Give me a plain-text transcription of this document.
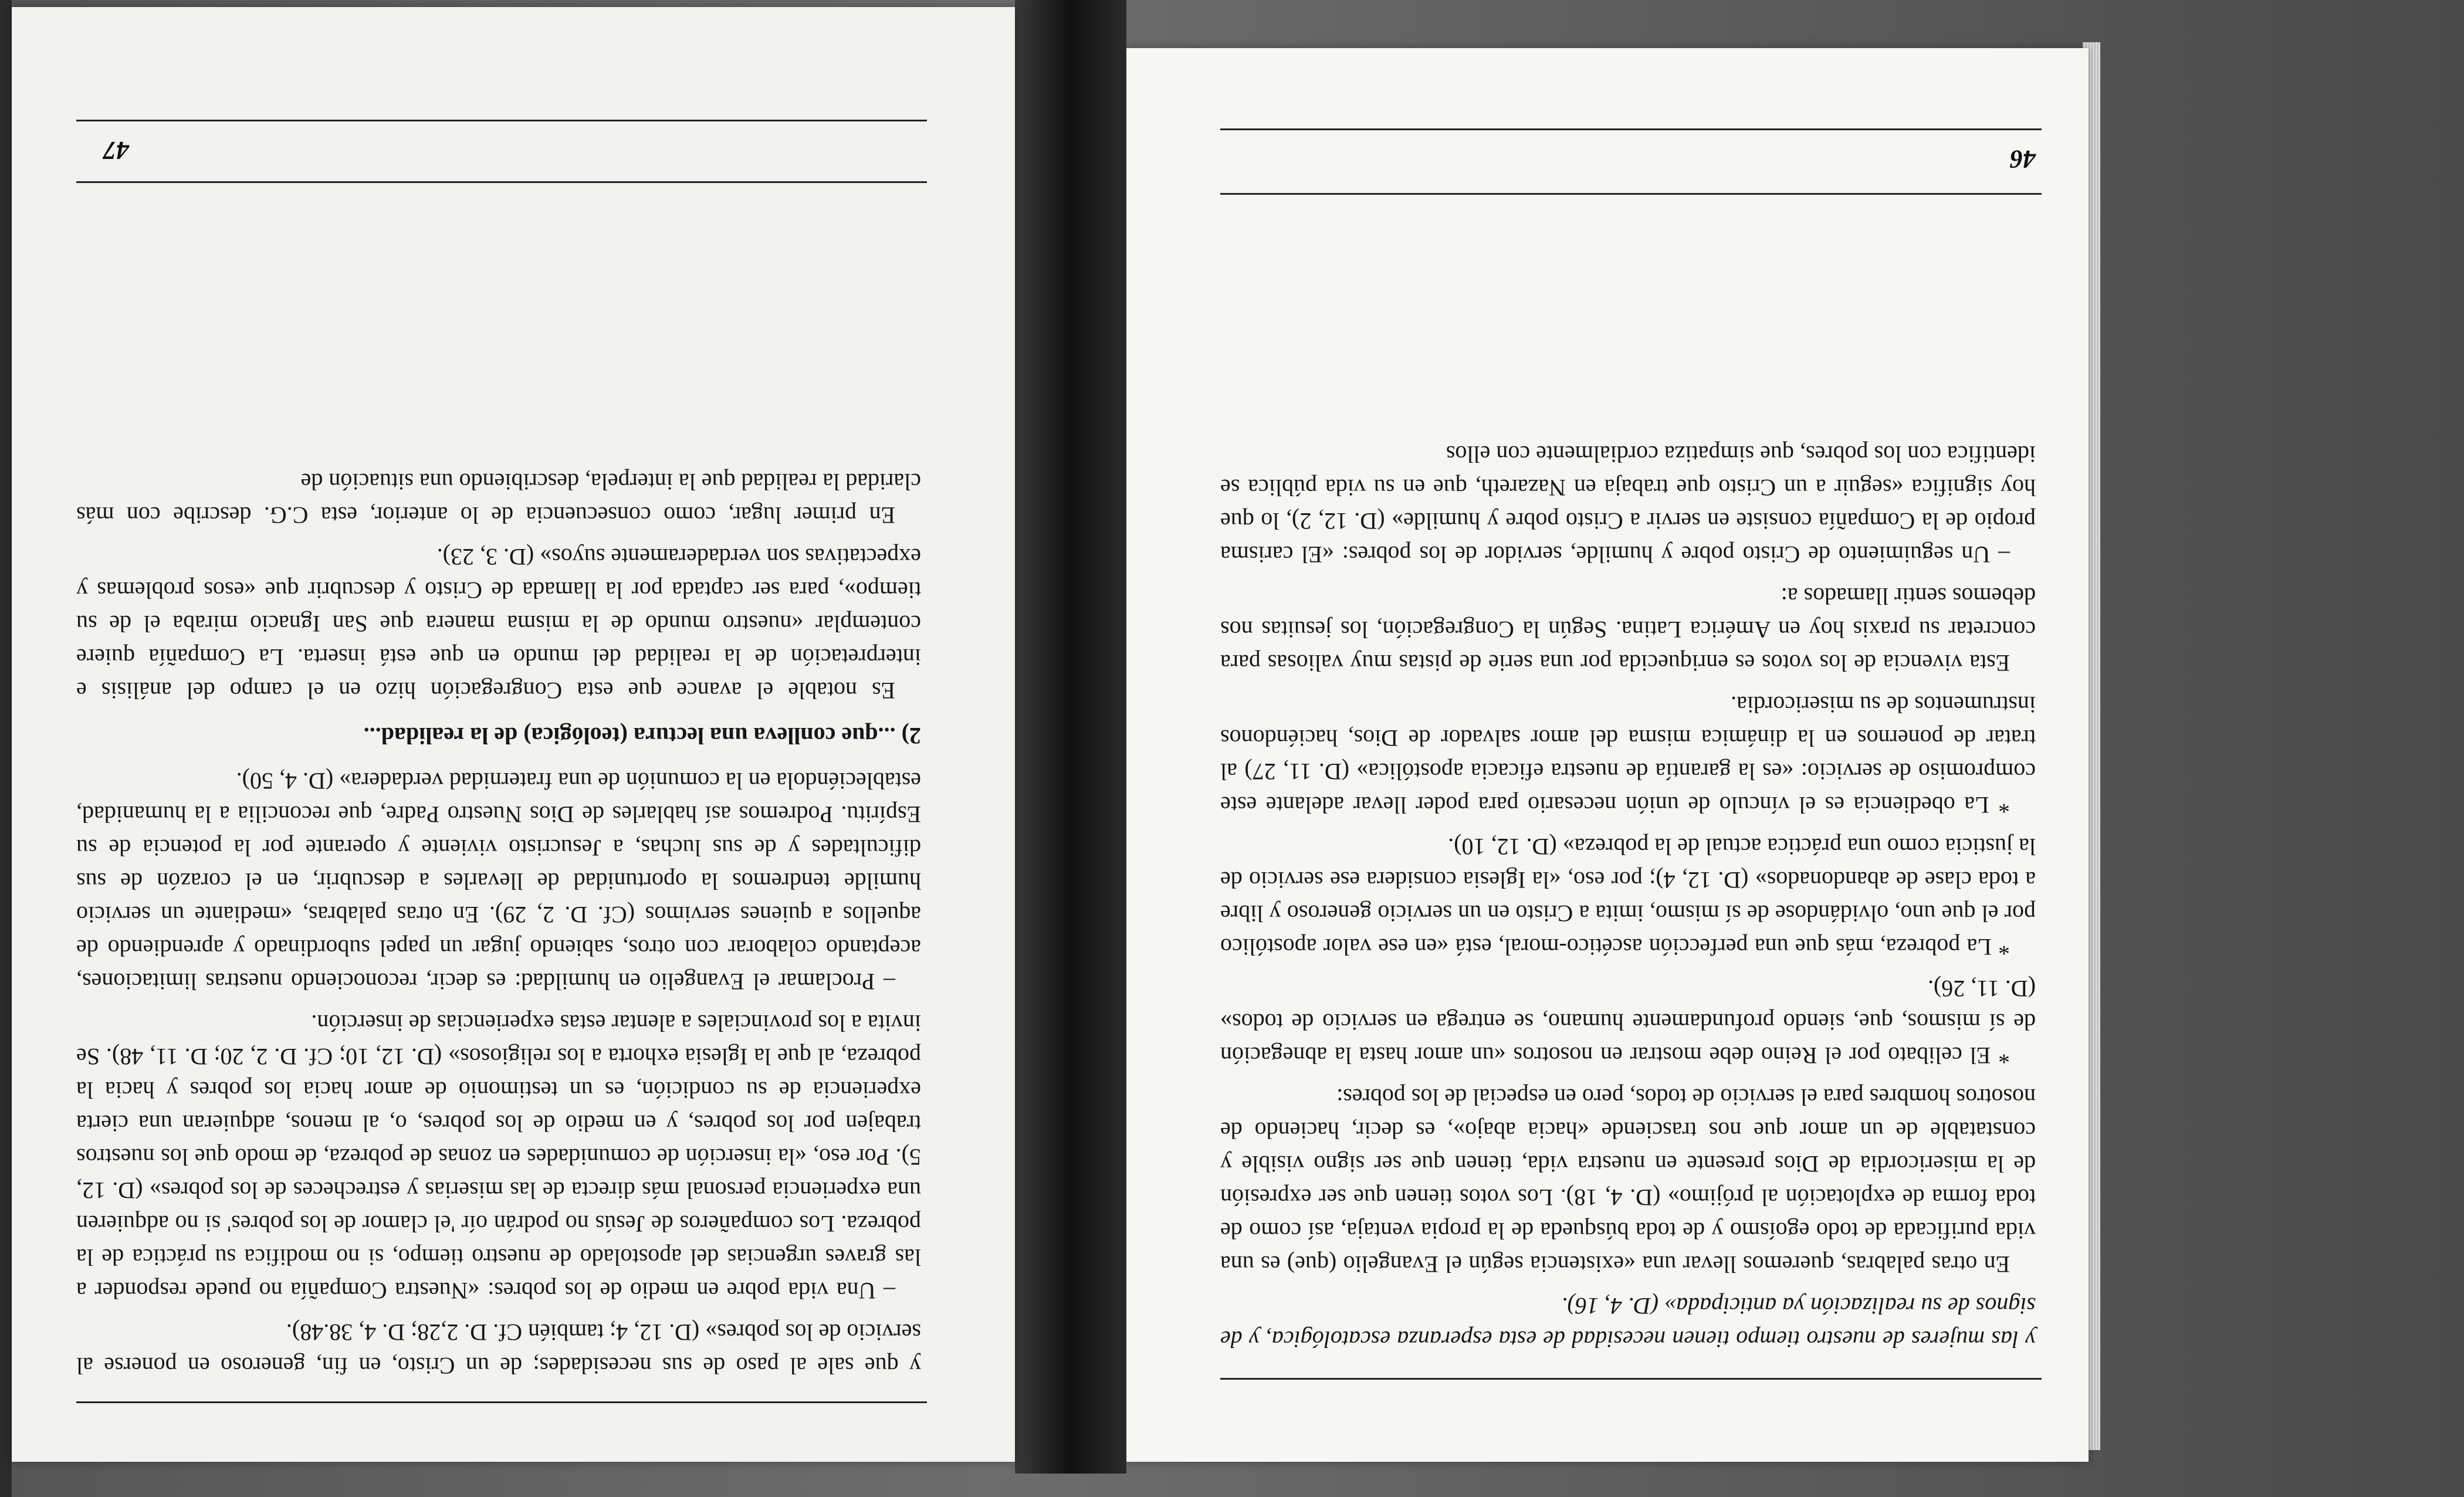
y las mujeres de nuestro tiempo tienen necesidad de esta esperanza escatológica, y de signos de su realización ya anticipada» (D. 4, 16).

En otras palabras, queremos llevar una «existencia según el Evangelio (que) es una vida purificada de todo egoísmo y de toda búsqueda de la propia ventaja, así como de toda forma de explotación al prójimo» (D. 4, 18). Los votos tienen que ser expresión de la misericordia de Dios presente en nuestra vida, tienen que ser signo visible y constatable de un amor que nos trasciende «hacia abajo», es decir, haciendo de nosotros hombres para el servicio de todos, pero en especial de los pobres:

* El celibato por el Reino debe mostrar en nosotros «un amor hasta la abnegación de sí mismos, que, siendo profundamente humano, se entrega en servicio de todos» (D. 11, 26).

* La pobreza, más que una perfección ascético-moral, está «en ese valor apostólico por el que uno, olvidándose de sí mismo, imita a Cristo en un servicio generoso y libre a toda clase de abandonados» (D. 12, 4); por eso, «la Iglesia considera ese servicio de la justicia como una práctica actual de la pobreza» (D. 12, 10).

* La obediencia es el vínculo de unión necesario para poder llevar adelante este compromiso de servicio: «es la garantía de nuestra eficacia apostólica» (D. 11, 27) al tratar de ponernos en la dinámica misma del amor salvador de Dios, haciéndonos instrumentos de su misericordia.

Esta vivencia de los votos es enriquecida por una serie de pistas muy valiosas para concretar su praxis hoy en América Latina. Según la Congregación, los jesuitas nos debemos sentir llamados a:

– Un seguimiento de Cristo pobre y humilde, servidor de los pobres: «El carisma propio de la Compañía consiste en servir a Cristo pobre y humilde» (D. 12, 2), lo que hoy significa «seguir a un Cristo que trabaja en Nazareth, que en su vida pública se identifica con los pobres, que simpatiza cordialmente con ellos

46

y que sale al paso de sus necesidades; de un Cristo, en fin, generoso en ponerse al servicio de los pobres» (D. 12, 4; también Cf. D. 2,28; D. 4, 38.48).

– Una vida pobre en medio de los pobres: «Nuestra Compañía no puede responder a las graves urgencias del apostolado de nuestro tiempo, si no modifica su práctica de la pobreza. Los compañeros de Jesús no podrán oír 'el clamor de los pobres' si no adquieren una experiencia personal más directa de las miserias y estrecheces de los pobres» (D. 12, 5). Por eso, «la inserción de comunidades en zonas de pobreza, de modo que los nuestros trabajen por los pobres, y en medio de los pobres, o, al menos, adquieran una cierta experiencia de su condición, es un testimonio de amor hacia los pobres y hacia la pobreza, al que la Iglesia exhorta a los religiosos» (D. 12, 10; Cf. D. 2, 20; D. 11, 48). Se invita a los provinciales a alentar estas experiencias de inserción.

– Proclamar el Evangelio en humildad: es decir, reconociendo nuestras limitaciones, aceptando colaborar con otros, sabiendo jugar un papel subordinado y aprendiendo de aquellos a quienes servimos (Cf. D. 2, 29). En otras palabras, «mediante un servicio humilde tendremos la oportunidad de llevarles a descubrir, en el corazón de sus dificultades y de sus luchas, a Jesucristo viviente y operante por la potencia de su Espíritu. Podremos así hablarles de Dios Nuestro Padre, que reconcilia a la humanidad, estableciéndola en la comunión de una fraternidad verdadera» (D. 4, 50).

2) ...que conlleva una lectura (teológica) de la realidad...

Es notable el avance que esta Congregación hizo en el campo del análisis e interpretación de la realidad del mundo en que está inserta. La Compañía quiere contemplar «nuestro mundo de la misma manera que San Ignacio miraba el de su tiempo», para ser captada por la llamada de Cristo y descubrir que «esos problemas y expectativas son verdaderamente suyos» (D. 3, 23).

En primer lugar, como consecuencia de lo anterior, esta C.G. describe con más claridad la realidad que la interpela, describiendo una situación de

47
